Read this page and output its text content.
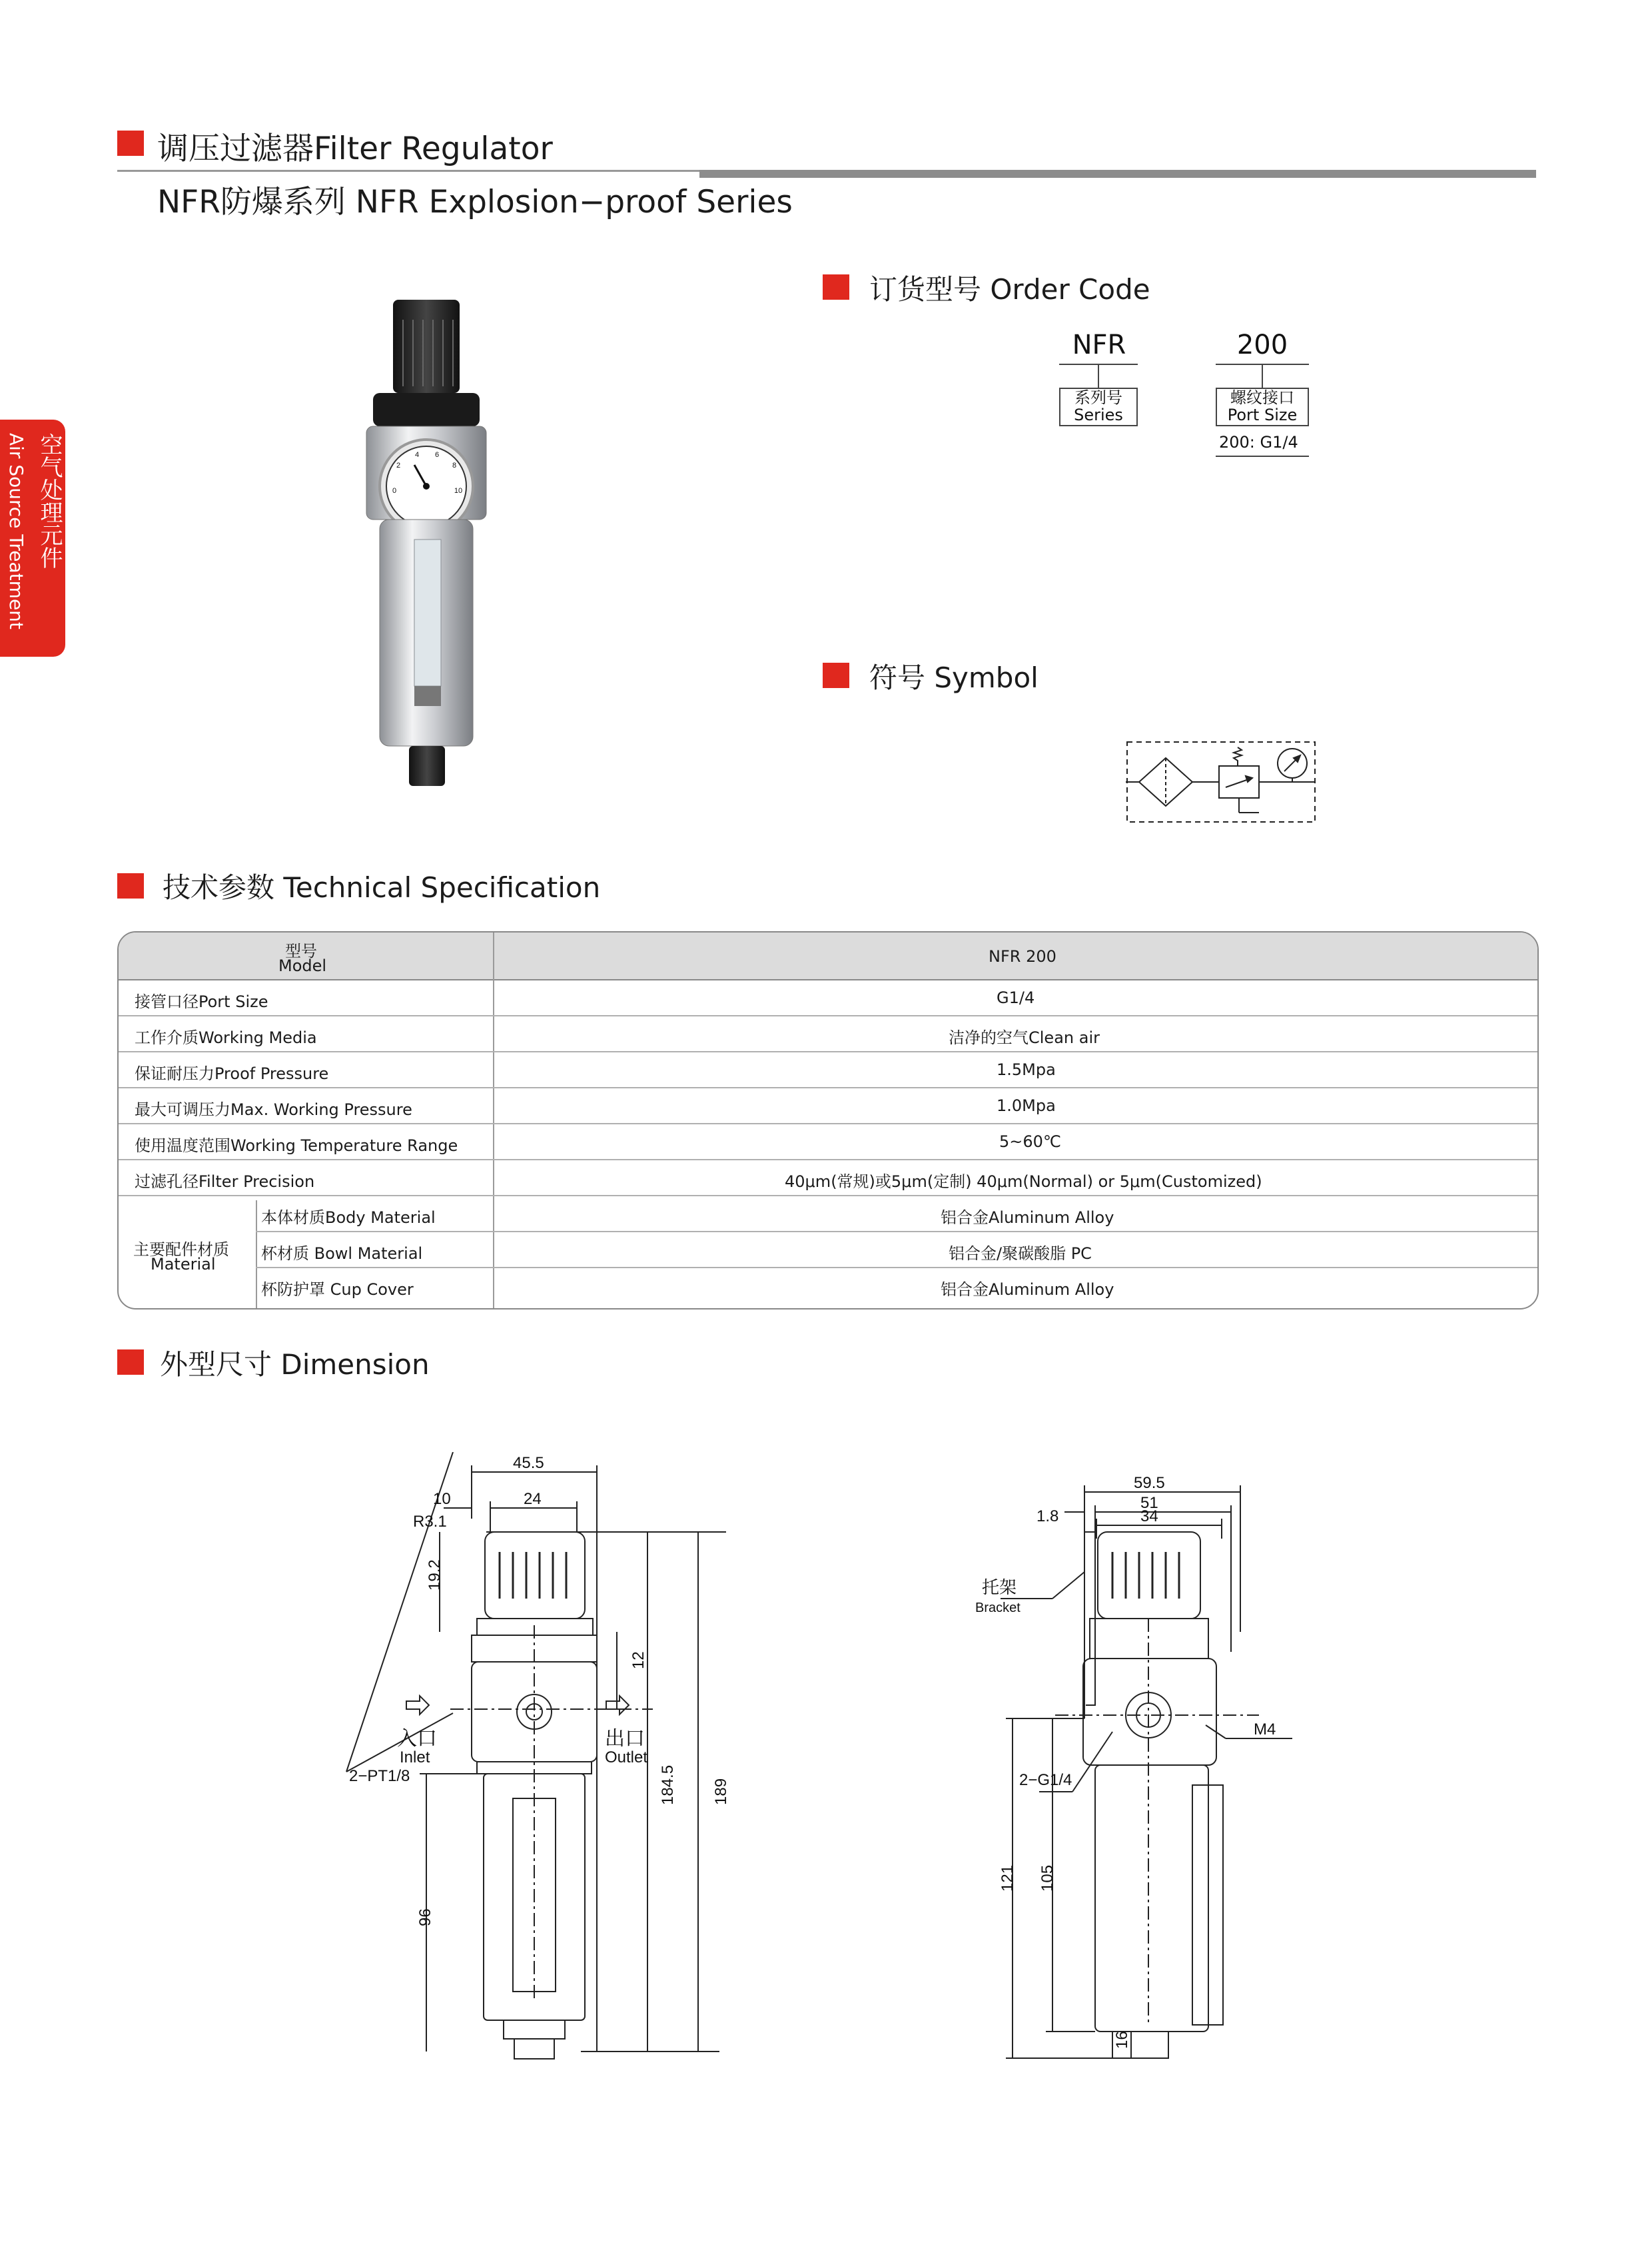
调压过滤器Filter Regulator
NFR防爆系列 NFR Explosion−proof Series
空气处理元件
Air Source Treatment	0
2
4 6
8
10
订货型号 Order Code
NFR
系列号
Series
200
螺纹接口
Port Size
200: G1/4
符号 Symbol
技术参数 Technical Specification
型号
Model	NFR 200
接管口径Port Size	G1/4
工作介质Working Media	洁净的空气Clean air
保证耐压力Proof Pressure	1.5Mpa
最大可调压力Max. Working Pressure	1.0Mpa
使用温度范围Working Temperature Range	5~60℃
过滤孔径Filter Precision	40μm(常规)或5μm(定制) 40μm(Normal) or 5μm(Customized)
主要配件材质
Material
本体材质Body Material	铝合金Aluminum Alloy
杯材质 Bowl Material	铝合金/聚碳酸脂 PC
杯防护罩 Cup Cover	铝合金Aluminum Alloy
外型尺寸 Dimension
45.5
10	24
R3.1
19.2
12
入口
Inlet
出口
Outlet
2−PT1/8	184.5 189
96
59.5
51
1.8	34
托架
Bracket
M4
2−G1/4
121 105
16
